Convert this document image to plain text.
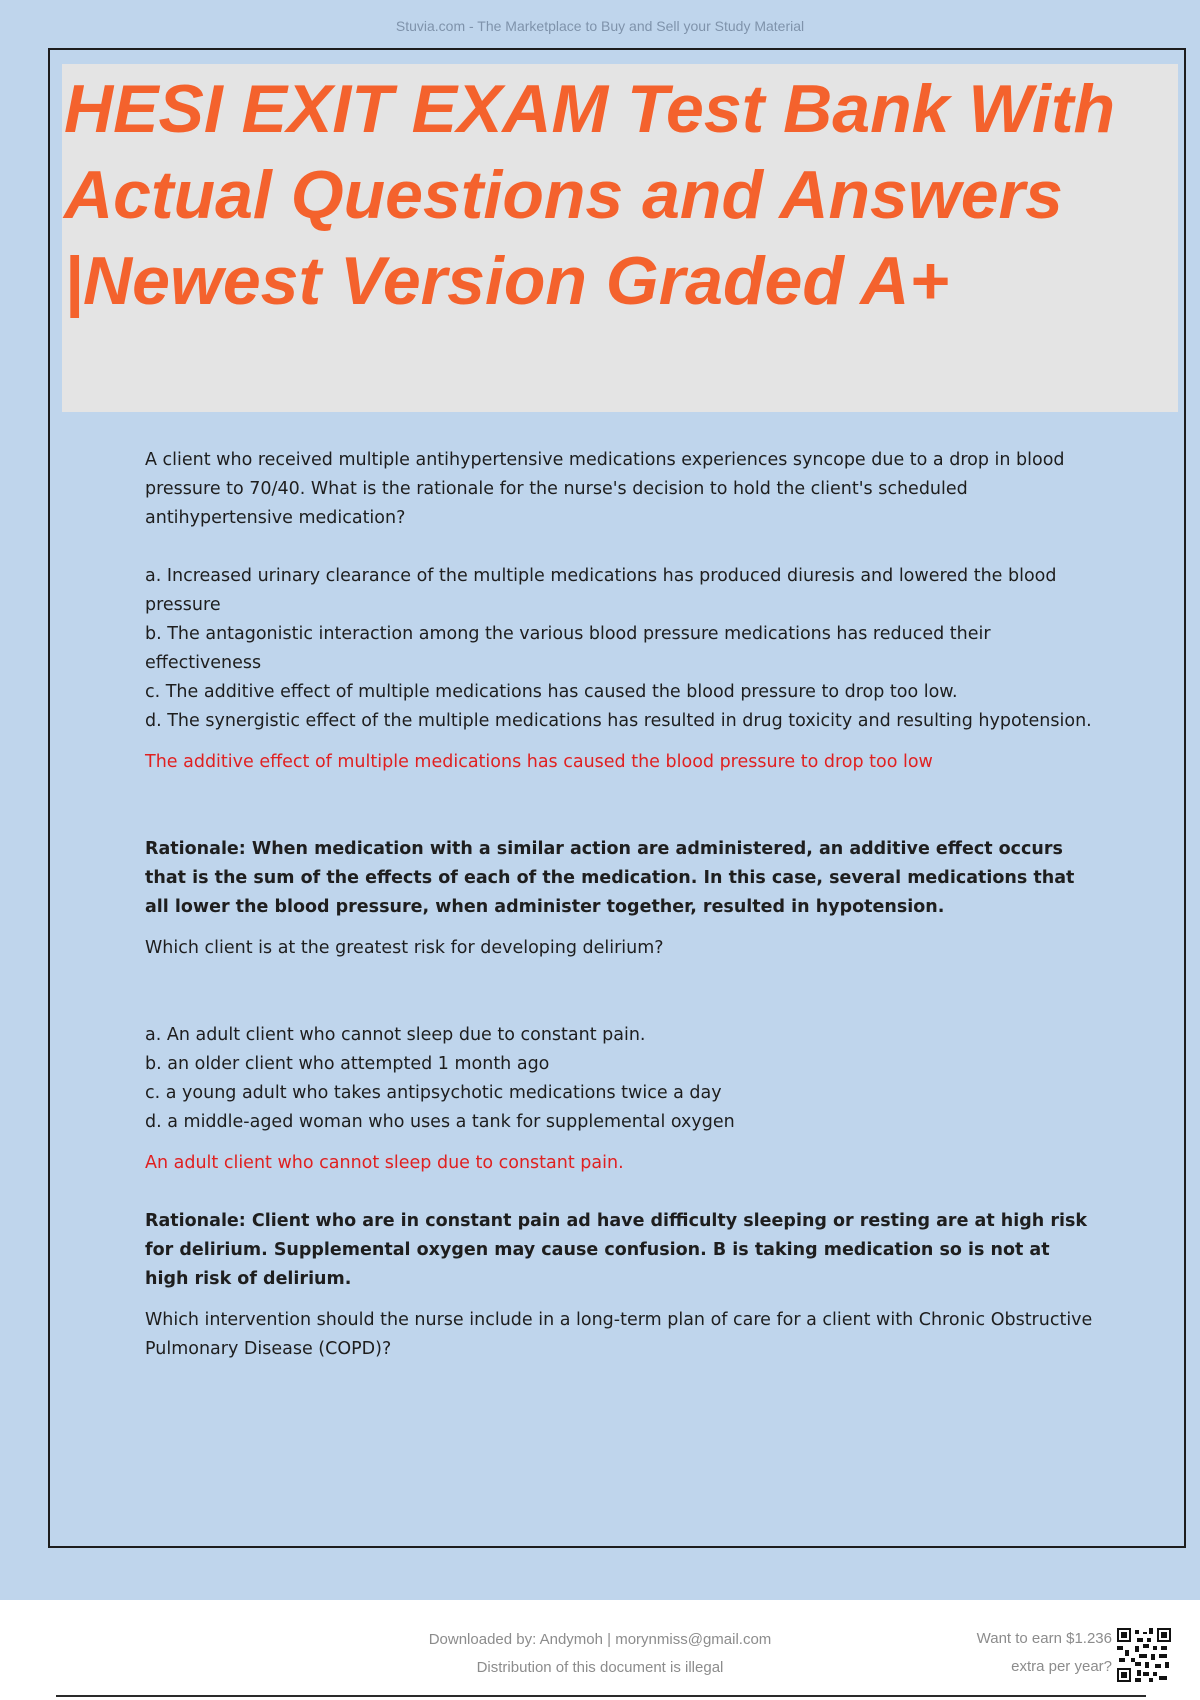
Stuvia.com - The Marketplace to Buy and Sell your Study Material
HESI EXIT EXAM Test Bank With Actual Questions and Answers |Newest Version Graded A+

A client who received multiple antihypertensive medications experiences syncope due to a drop in blood pressure to 70/40. What is the rationale for the nurse's decision to hold the client's scheduled antihypertensive medication?

a. Increased urinary clearance of the multiple medications has produced diuresis and lowered the blood pressure

b. The antagonistic interaction among the various blood pressure medications has reduced their effectiveness

c. The additive effect of multiple medications has caused the blood pressure to drop too low.

d. The synergistic effect of the multiple medications has resulted in drug toxicity and resulting hypotension.

The additive effect of multiple medications has caused the blood pressure to drop too low

Rationale: When medication with a similar action are administered, an additive effect occurs that is the sum of the effects of each of the medication. In this case, several medications that all lower the blood pressure, when administer together, resulted in hypotension.

Which client is at the greatest risk for developing delirium?

a. An adult client who cannot sleep due to constant pain.

b. an older client who attempted 1 month ago

c. a young adult who takes antipsychotic medications twice a day

d. a middle-aged woman who uses a tank for supplemental oxygen

An adult client who cannot sleep due to constant pain.

Rationale: Client who are in constant pain ad have difficulty sleeping or resting are at high risk for delirium. Supplemental oxygen may cause confusion. B is taking medication so is not at high risk of delirium.

Which intervention should the nurse include in a long-term plan of care for a client with Chronic Obstructive Pulmonary Disease (COPD)?

Downloaded by: Andymoh | morynmiss@gmail.com
Distribution of this document is illegal
Want to earn $1.236
extra per year?
